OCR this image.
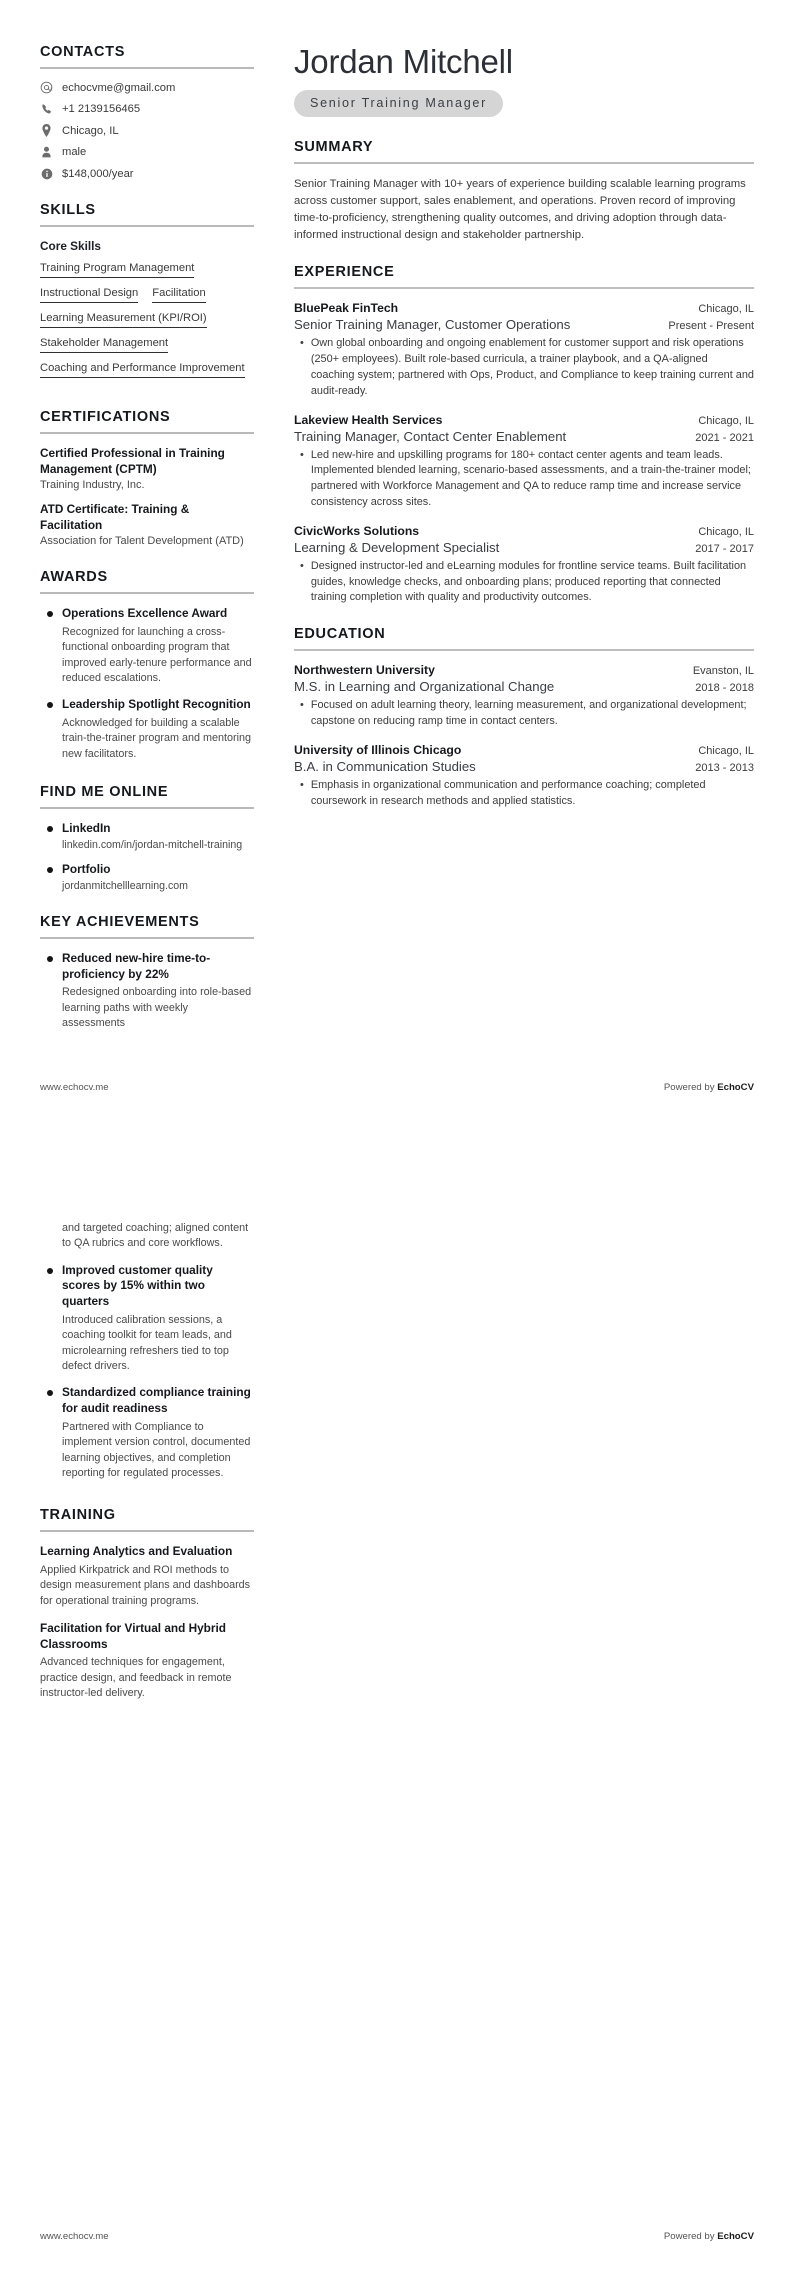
CONTACTS
echocvme@gmail.com
+1 2139156465
Chicago, IL
male
$148,000/year
SKILLS
Core Skills
Training Program Management
Instructional Design Facilitation
Learning Measurement (KPI/ROI)
Stakeholder Management
Coaching and Performance Improvement
CERTIFICATIONS
Certified Professional in Training Management (CPTM)
Training Industry, Inc.
ATD Certificate: Training & Facilitation
Association for Talent Development (ATD)
AWARDS
Operations Excellence Award
Recognized for launching a cross-functional onboarding program that improved early-tenure performance and reduced escalations.
Leadership Spotlight Recognition
Acknowledged for building a scalable train-the-trainer program and mentoring new facilitators.
FIND ME ONLINE
LinkedIn
linkedin.com/in/jordan-mitchell-training
Portfolio
jordanmitchelllearning.com
KEY ACHIEVEMENTS
Reduced new-hire time-to-proficiency by 22%
Redesigned onboarding into role-based learning paths with weekly assessments
Jordan Mitchell
Senior Training Manager
SUMMARY

Senior Training Manager with 10+ years of experience building scalable learning programs across customer support, sales enablement, and operations. Proven record of improving time-to-proficiency, strengthening quality outcomes, and driving adoption through data-informed instructional design and stakeholder partnership.

EXPERIENCE
BluePeak FinTech	Chicago, IL
Senior Training Manager, Customer Operations	Present - Present
• Own global onboarding and ongoing enablement for customer support and risk operations (250+ employees). Built role-based curricula, a trainer playbook, and a QA-aligned coaching system; partnered with Ops, Product, and Compliance to keep training current and audit-ready.
Lakeview Health Services	Chicago, IL
Training Manager, Contact Center Enablement	2021 - 2021
• Led new-hire and upskilling programs for 180+ contact center agents and team leads. Implemented blended learning, scenario-based assessments, and a train-the-trainer model; partnered with Workforce Management and QA to reduce ramp time and increase service consistency across sites.
CivicWorks Solutions	Chicago, IL
Learning & Development Specialist	2017 - 2017
• Designed instructor-led and eLearning modules for frontline service teams. Built facilitation guides, knowledge checks, and onboarding plans; produced reporting that connected training completion with quality and productivity outcomes.
EDUCATION
Northwestern University	Evanston, IL
M.S. in Learning and Organizational Change	2018 - 2018
• Focused on adult learning theory, learning measurement, and organizational development; capstone on reducing ramp time in contact centers.
University of Illinois Chicago	Chicago, IL
B.A. in Communication Studies	2013 - 2013
• Emphasis in organizational communication and performance coaching; completed coursework in research methods and applied statistics.
www.echocv.me	Powered by EchoCV
and targeted coaching; aligned content to QA rubrics and core workflows.
Improved customer quality scores by 15% within two quarters
Introduced calibration sessions, a coaching toolkit for team leads, and microlearning refreshers tied to top defect drivers.
Standardized compliance training for audit readiness
Partnered with Compliance to implement version control, documented learning objectives, and completion reporting for regulated processes.
TRAINING
Learning Analytics and Evaluation
Applied Kirkpatrick and ROI methods to design measurement plans and dashboards for operational training programs.
Facilitation for Virtual and Hybrid Classrooms
Advanced techniques for engagement, practice design, and feedback in remote instructor-led delivery.
www.echocv.me	Powered by EchoCV
